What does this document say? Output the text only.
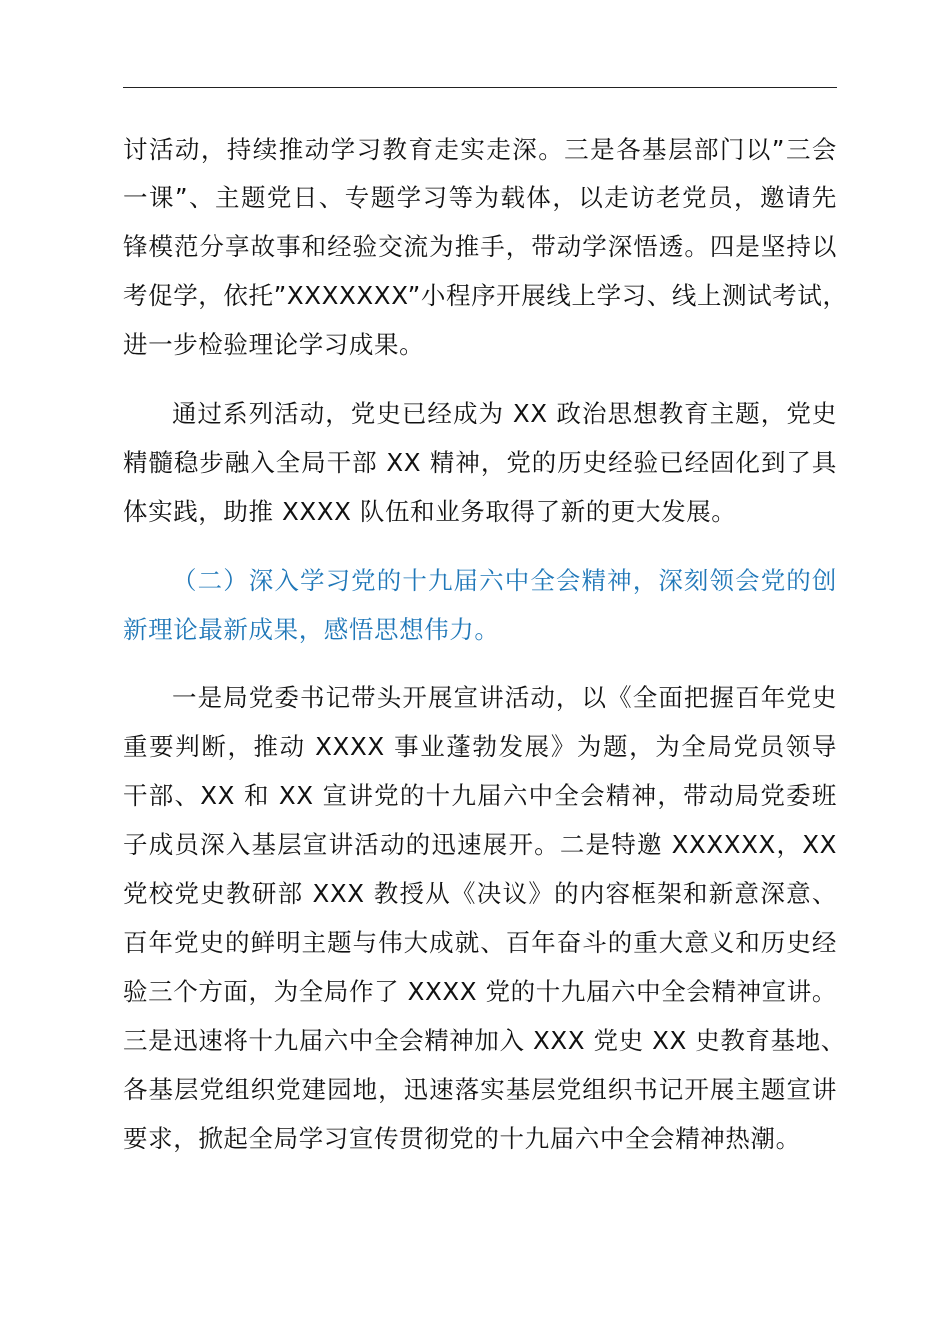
讨活动，持续推动学习教育走实走深。三是各基层部门以”三会
一课”、主题党日、专题学习等为载体，以走访老党员，邀请先
锋模范分享故事和经验交流为推手，带动学深悟透。四是坚持以
考促学，依托”XXXXXXX”小程序开展线上学习、线上测试考试，
进一步检验理论学习成果。
通过系列活动，党史已经成为 XX 政治思想教育主题，党史
精髓稳步融入全局干部 XX 精神，党的历史经验已经固化到了具
体实践，助推 XXXX 队伍和业务取得了新的更大发展。
（二）深入学习党的十九届六中全会精神，深刻领会党的创
新理论最新成果，感悟思想伟力。
一是局党委书记带头开展宣讲活动，以《全面把握百年党史
重要判断，推动 XXXX 事业蓬勃发展》为题，为全局党员领导
干部、XX 和 XX 宣讲党的十九届六中全会精神，带动局党委班
子成员深入基层宣讲活动的迅速展开。二是特邀 XXXXXX，XX
党校党史教研部 XXX 教授从《决议》的内容框架和新意深意、
百年党史的鲜明主题与伟大成就、百年奋斗的重大意义和历史经
验三个方面，为全局作了 XXXX 党的十九届六中全会精神宣讲。
三是迅速将十九届六中全会精神加入 XXX 党史 XX 史教育基地、
各基层党组织党建园地，迅速落实基层党组织书记开展主题宣讲
要求，掀起全局学习宣传贯彻党的十九届六中全会精神热潮。
